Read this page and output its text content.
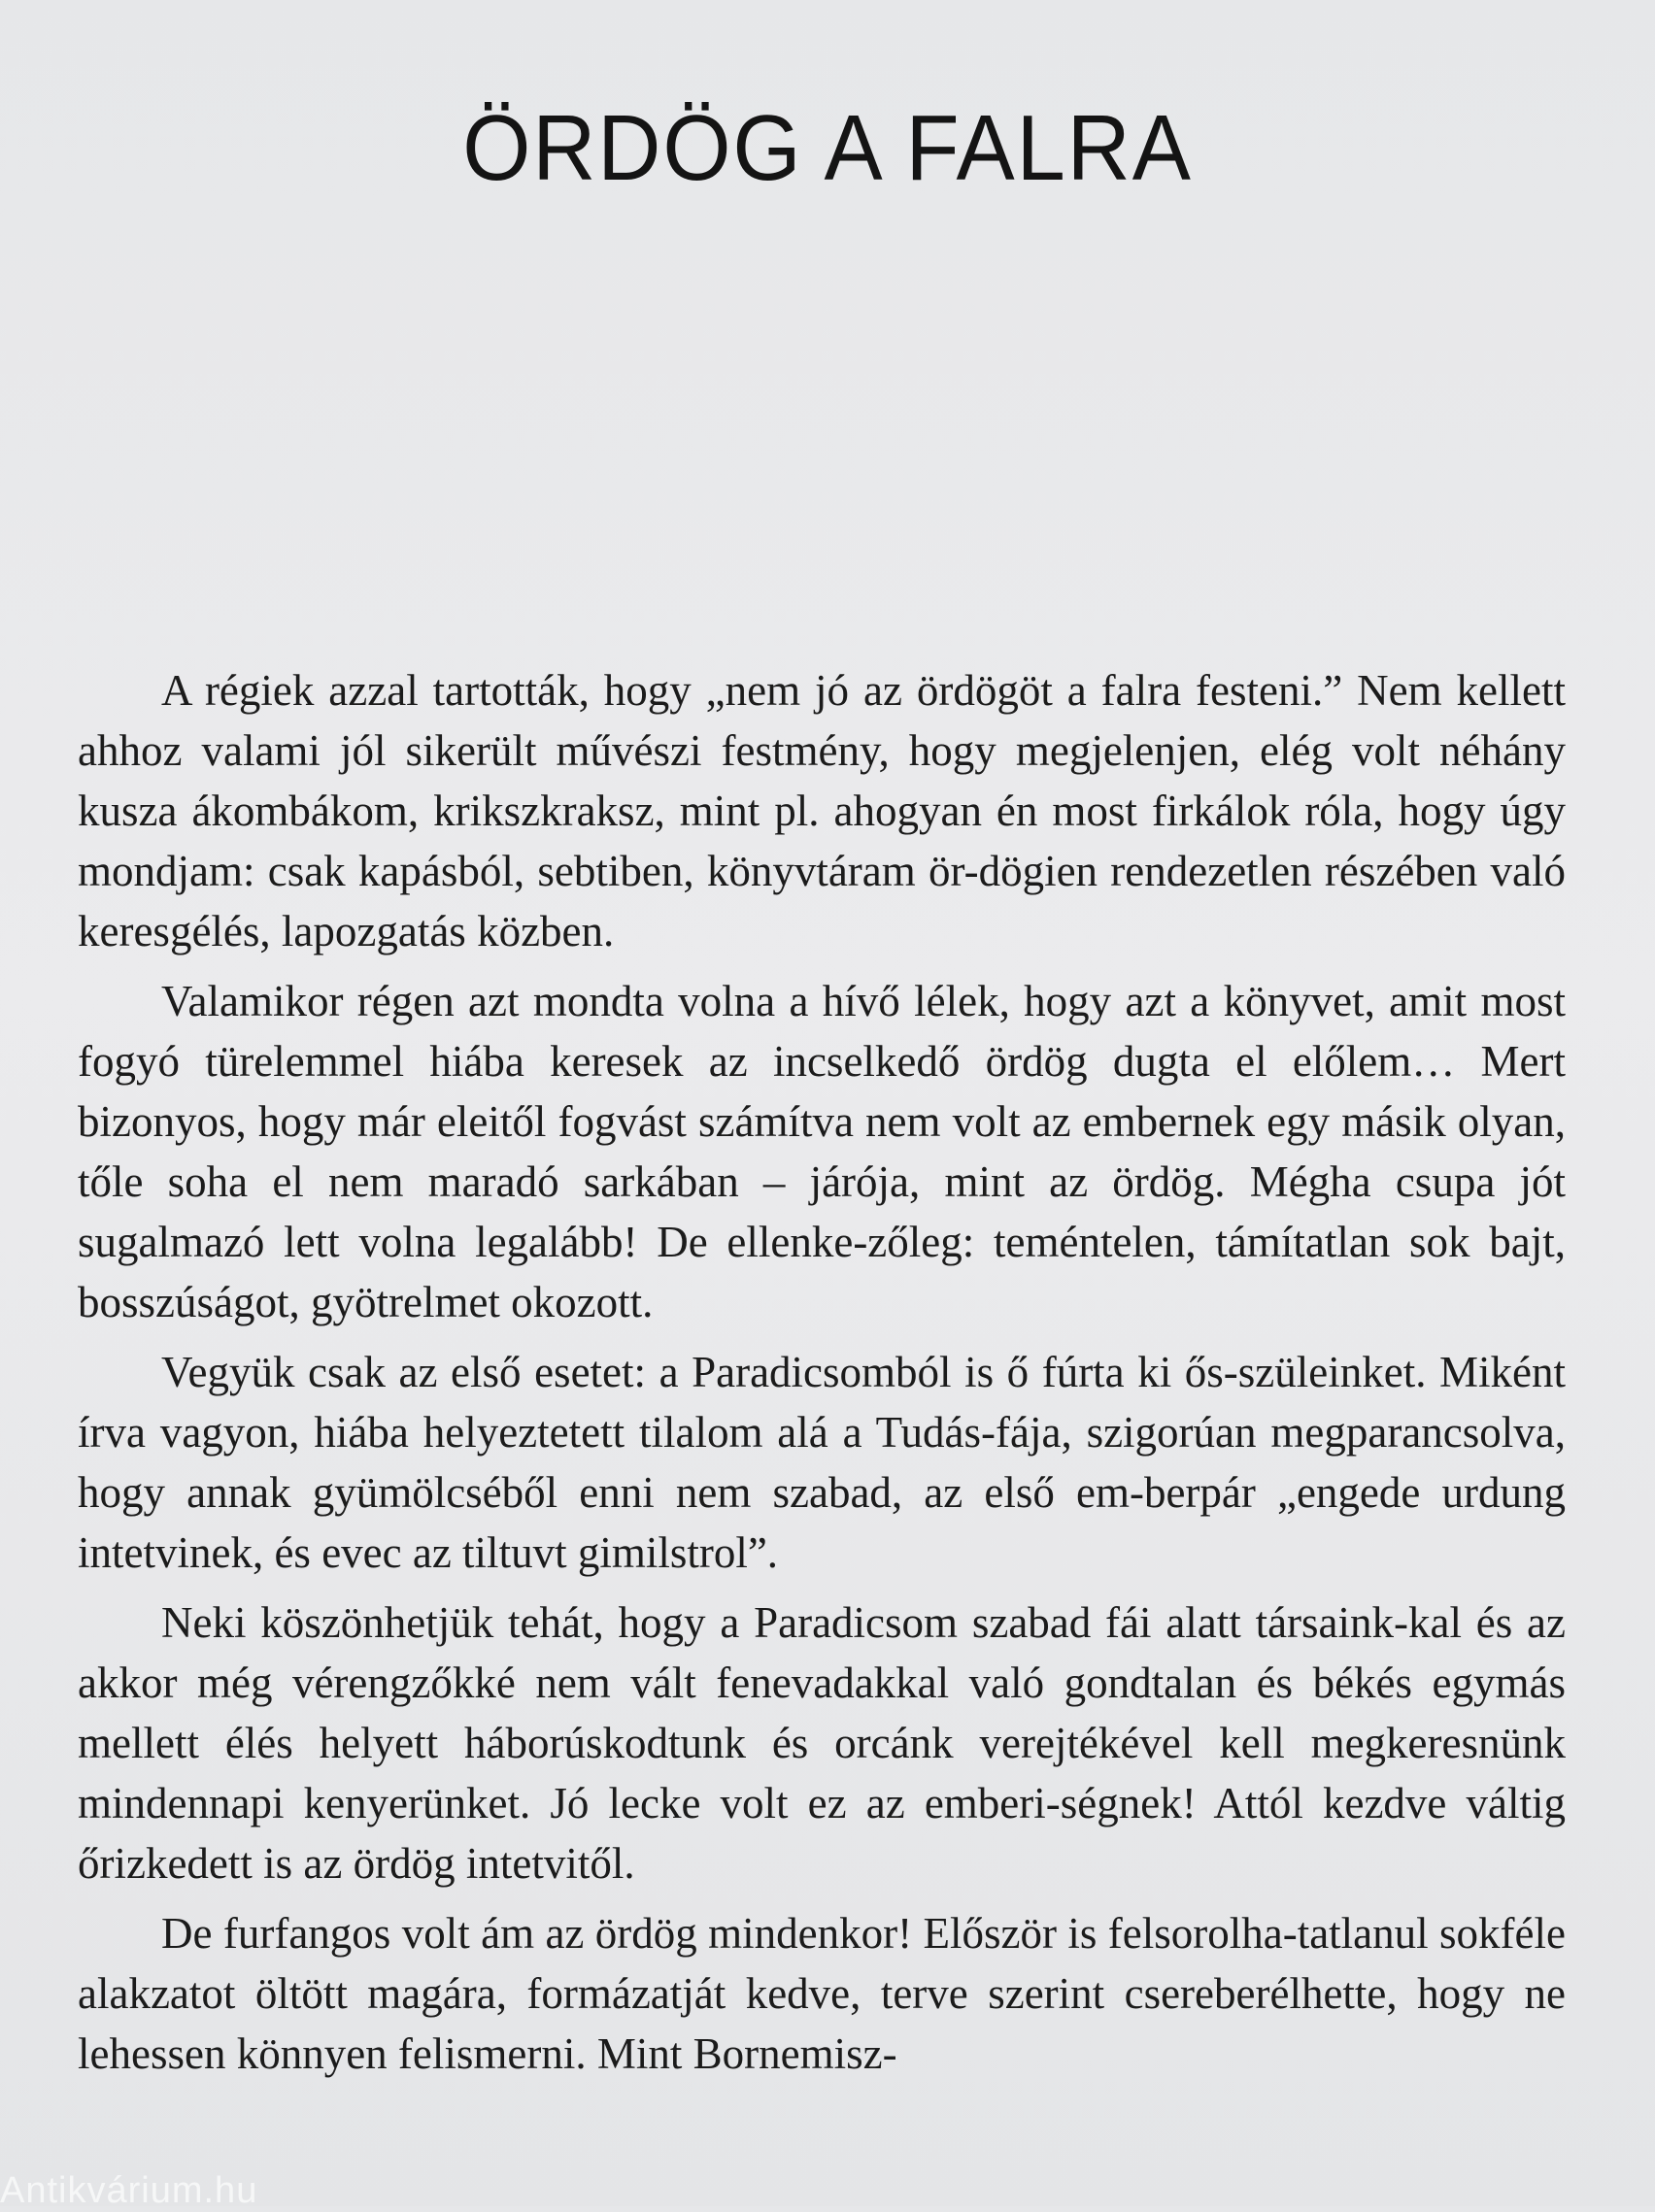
ÖRDÖG A FALRA

A régiek azzal tartották, hogy „nem jó az ördögöt a falra festeni.” Nem kellett ahhoz valami jól sikerült művészi festmény, hogy megjelenjen, elég volt néhány kusza ákombákom, krikszkraksz, mint pl. ahogyan én most firkálok róla, hogy úgy mondjam: csak kapásból, sebtiben, könyvtáram ör-dögien rendezetlen részében való keresgélés, lapozgatás közben.

Valamikor régen azt mondta volna a hívő lélek, hogy azt a könyvet, amit most fogyó türelemmel hiába keresek az incselkedő ördög dugta el előlem… Mert bizonyos, hogy már eleitől fogvást számítva nem volt az embernek egy másik olyan, tőle soha el nem maradó sarkában – járója, mint az ördög. Mégha csupa jót sugalmazó lett volna legalább! De ellenke-zőleg: teméntelen, támítatlan sok bajt, bosszúságot, gyötrelmet okozott.

Vegyük csak az első esetet: a Paradicsomból is ő fúrta ki ős-szüleinket. Miként írva vagyon, hiába helyeztetett tilalom alá a Tudás-fája, szigorúan megparancsolva, hogy annak gyümölcséből enni nem szabad, az első em-berpár „engede urdung intetvinek, és evec az tiltuvt gimilstrol”.

Neki köszönhetjük tehát, hogy a Paradicsom szabad fái alatt társaink-kal és az akkor még vérengzőkké nem vált fenevadakkal való gondtalan és békés egymás mellett élés helyett háborúskodtunk és orcánk verejtékével kell megkeresnünk mindennapi kenyerünket. Jó lecke volt ez az emberi-ségnek! Attól kezdve váltig őrizkedett is az ördög intetvitől.

De furfangos volt ám az ördög mindenkor! Először is felsorolha-tatlanul sokféle alakzatot öltött magára, formázatját kedve, terve szerint csereberélhette, hogy ne lehessen könnyen felismerni. Mint Bornemisz-

Antikvárium.hu
